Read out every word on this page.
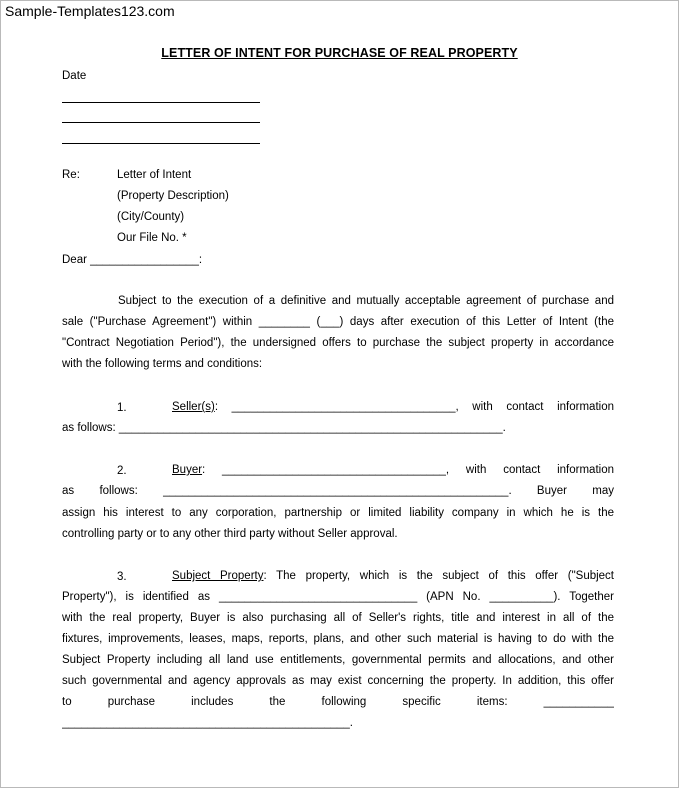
Sample-Templates123.com
LETTER OF INTENT FOR PURCHASE OF REAL PROPERTY
Date
Re:	Letter of Intent
(Property Description)
(City/County)
Our File No. *
Dear _________________:
Subject to the execution of a definitive and mutually acceptable agreement of purchase and
sale ("Purchase Agreement") within ________ (___) days after execution of this Letter of Intent (the
"Contract Negotiation Period"), the undersigned offers to purchase the subject property in accordance
with the following terms and conditions:
1.	Seller(s): ___________________________________, with contact information
as follows: ____________________________________________________________.
2.	Buyer: ___________________________________, with contact information
as follows: ______________________________________________________. Buyer may
assign his interest to any corporation, partnership or limited liability company in which he is the
controlling party or to any other third party without Seller approval.
3.	Subject Property: The property, which is the subject of this offer ("Subject
Property"), is identified as _______________________________ (APN No. __________). Together
with the real property, Buyer is also purchasing all of Seller's rights, title and interest in all of the
fixtures, improvements, leases, maps, reports, plans, and other such material is having to do with the
Subject Property including all land use entitlements, governmental permits and allocations, and other
such governmental and agency approvals as may exist concerning the property. In addition, this offer
to purchase includes the following specific items: ___________
_____________________________________________.
